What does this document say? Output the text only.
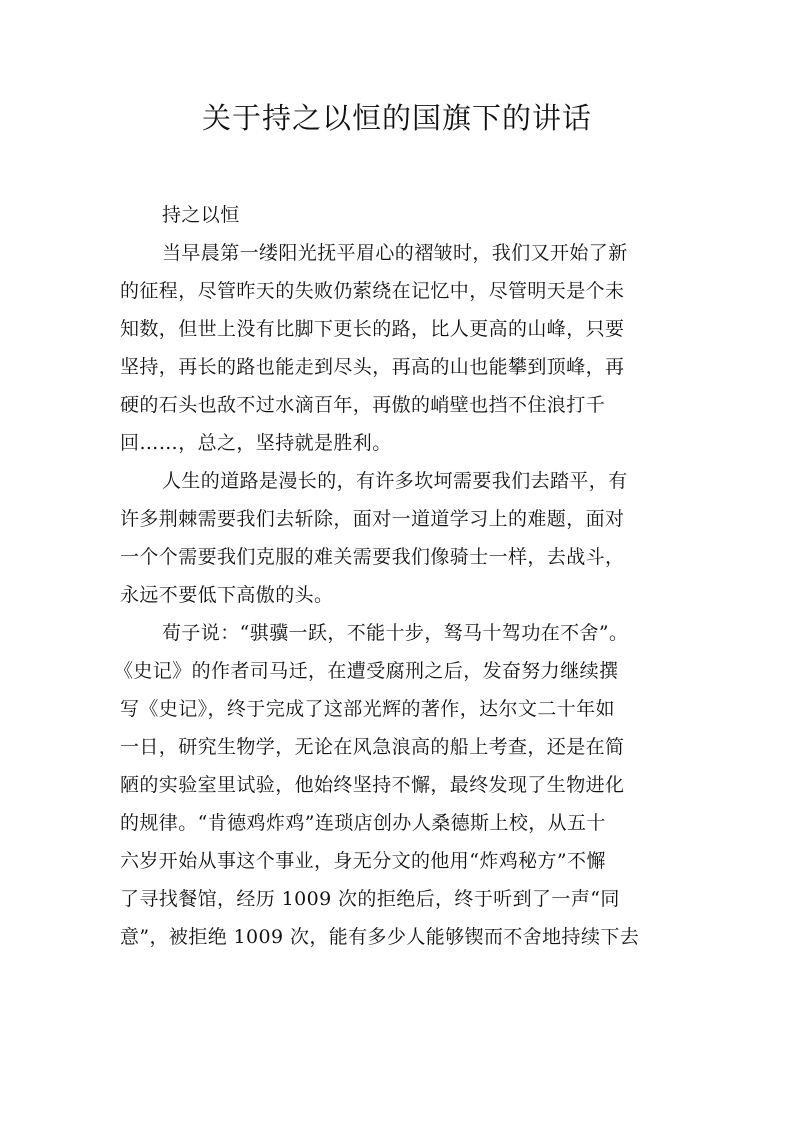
关于持之以恒的国旗下的讲话
持之以恒
当早晨第一缕阳光抚平眉心的褶皱时，我们又开始了新
的征程，尽管昨天的失败仍萦绕在记忆中，尽管明天是个未
知数，但世上没有比脚下更长的路，比人更高的山峰，只要
坚持，再长的路也能走到尽头，再高的山也能攀到顶峰，再
硬的石头也敌不过水滴百年，再傲的峭壁也挡不住浪打千
回……，总之，坚持就是胜利。
人生的道路是漫长的，有许多坎坷需要我们去踏平，有
许多荆棘需要我们去斩除，面对一道道学习上的难题，面对
一个个需要我们克服的难关需要我们像骑士一样，去战斗，
永远不要低下高傲的头。
荀子说：“骐骥一跃，不能十步，驽马十驾功在不舍”。
《史记》的作者司马迁，在遭受腐刑之后，发奋努力继续撰
写《史记》，终于完成了这部光辉的著作，达尔文二十年如
一日，研究生物学，无论在风急浪高的船上考查，还是在简
陋的实验室里试验，他始终坚持不懈，最终发现了生物进化
的规律。“肯德鸡炸鸡”连琐店创办人桑德斯上校，从五十
六岁开始从事这个事业，身无分文的他用“炸鸡秘方”不懈
了寻找餐馆，经历 1009 次的拒绝后，终于听到了一声“同
意”，被拒绝 1009 次，能有多少人能够锲而不舍地持续下去
